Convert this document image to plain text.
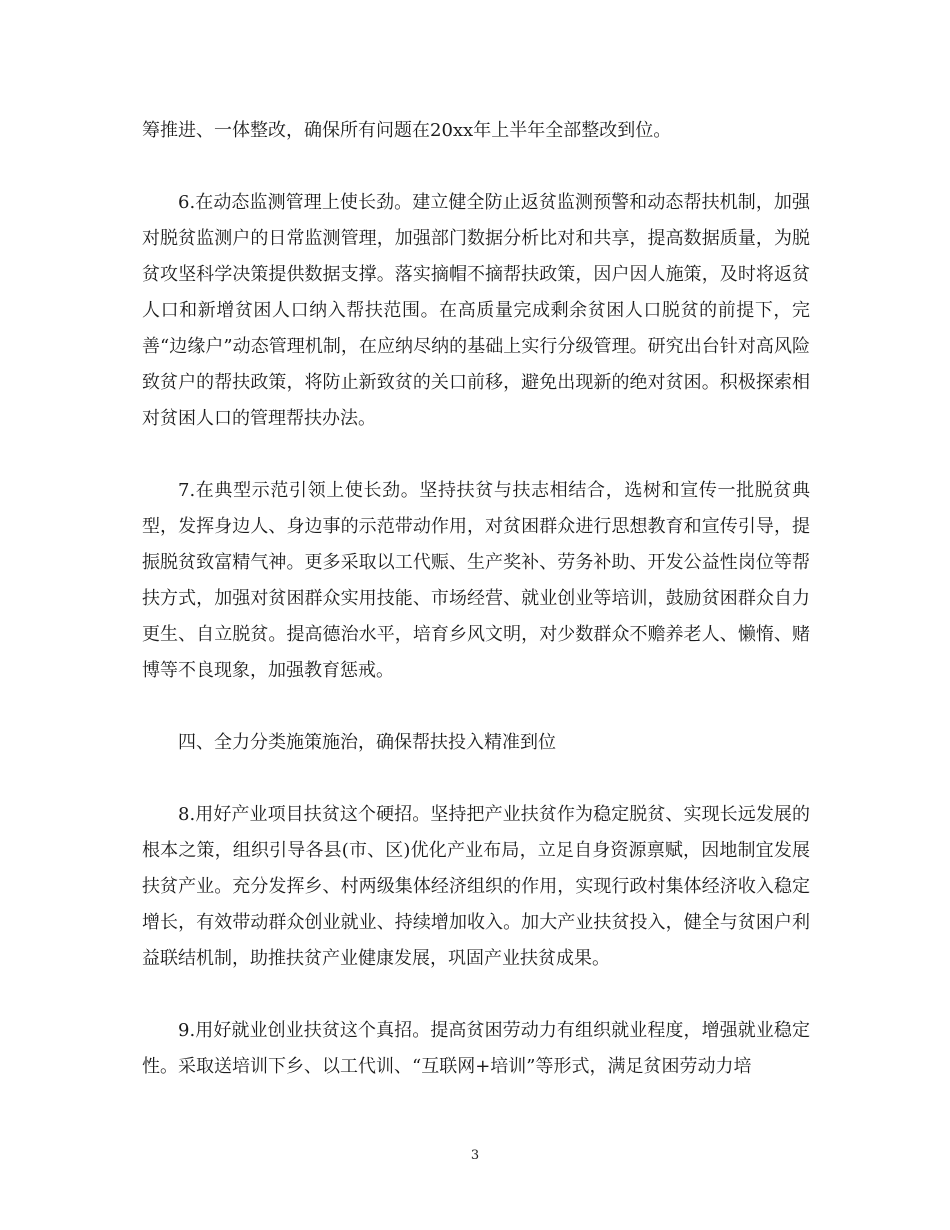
筹推进、一体整改，确保所有问题在20xx年上半年全部整改到位。

6.在动态监测管理上使长劲。建立健全防止返贫监测预警和动态帮扶机制，加强对脱贫监测户的日常监测管理，加强部门数据分析比对和共享，提高数据质量，为脱贫攻坚科学决策提供数据支撑。落实摘帽不摘帮扶政策，因户因人施策，及时将返贫人口和新增贫困人口纳入帮扶范围。在高质量完成剩余贫困人口脱贫的前提下，完善“边缘户”动态管理机制，在应纳尽纳的基础上实行分级管理。研究出台针对高风险致贫户的帮扶政策，将防止新致贫的关口前移，避免出现新的绝对贫困。积极探索相对贫困人口的管理帮扶办法。

7.在典型示范引领上使长劲。坚持扶贫与扶志相结合，选树和宣传一批脱贫典型，发挥身边人、身边事的示范带动作用，对贫困群众进行思想教育和宣传引导，提振脱贫致富精气神。更多采取以工代赈、生产奖补、劳务补助、开发公益性岗位等帮扶方式，加强对贫困群众实用技能、市场经营、就业创业等培训，鼓励贫困群众自力更生、自立脱贫。提高德治水平，培育乡风文明，对少数群众不赡养老人、懒惰、赌博等不良现象，加强教育惩戒。

四、全力分类施策施治，确保帮扶投入精准到位

8.用好产业项目扶贫这个硬招。坚持把产业扶贫作为稳定脱贫、实现长远发展的根本之策，组织引导各县(市、区)优化产业布局，立足自身资源禀赋，因地制宜发展扶贫产业。充分发挥乡、村两级集体经济组织的作用，实现行政村集体经济收入稳定增长，有效带动群众创业就业、持续增加收入。加大产业扶贫投入，健全与贫困户利益联结机制，助推扶贫产业健康发展，巩固产业扶贫成果。

9.用好就业创业扶贫这个真招。提高贫困劳动力有组织就业程度，增强就业稳定性。采取送培训下乡、以工代训、“互联网+培训”等形式，满足贫困劳动力培

3
